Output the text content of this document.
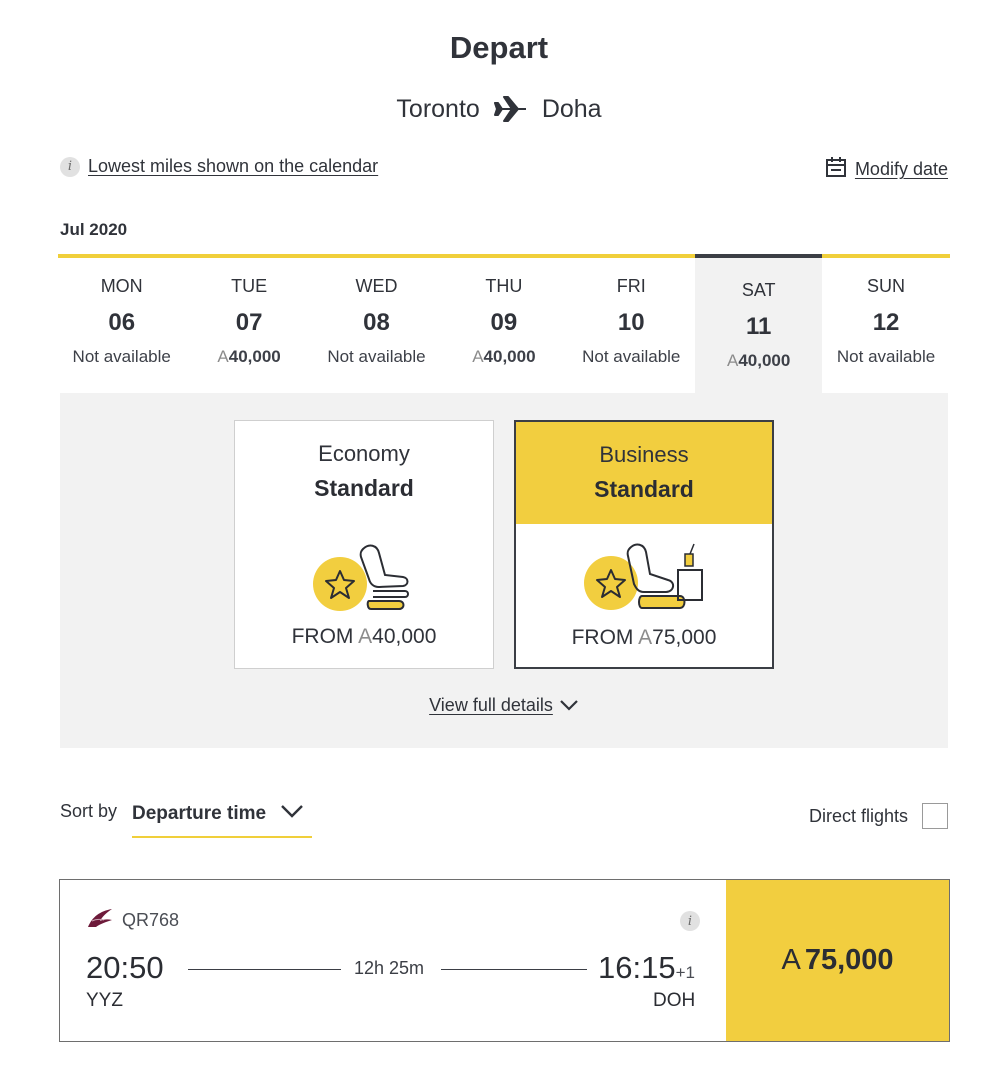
Depart
Toronto Doha
i Lowest miles shown on the calendar	Modify date
Jul 2020
MON
06
Not available
TUE
07
A40,000
WED
08
Not available
THU
09
A40,000
FRI
10
Not available
SAT
11
A40,000
SUN
12
Not available
Economy
Standard
FROM A40,000
Business
Standard
FROM A75,000
View full details
Sort by Departure time	Direct flights
QR768	i
20:50
YYZ
12h 25m	16:15+1
DOH
A 75,000
